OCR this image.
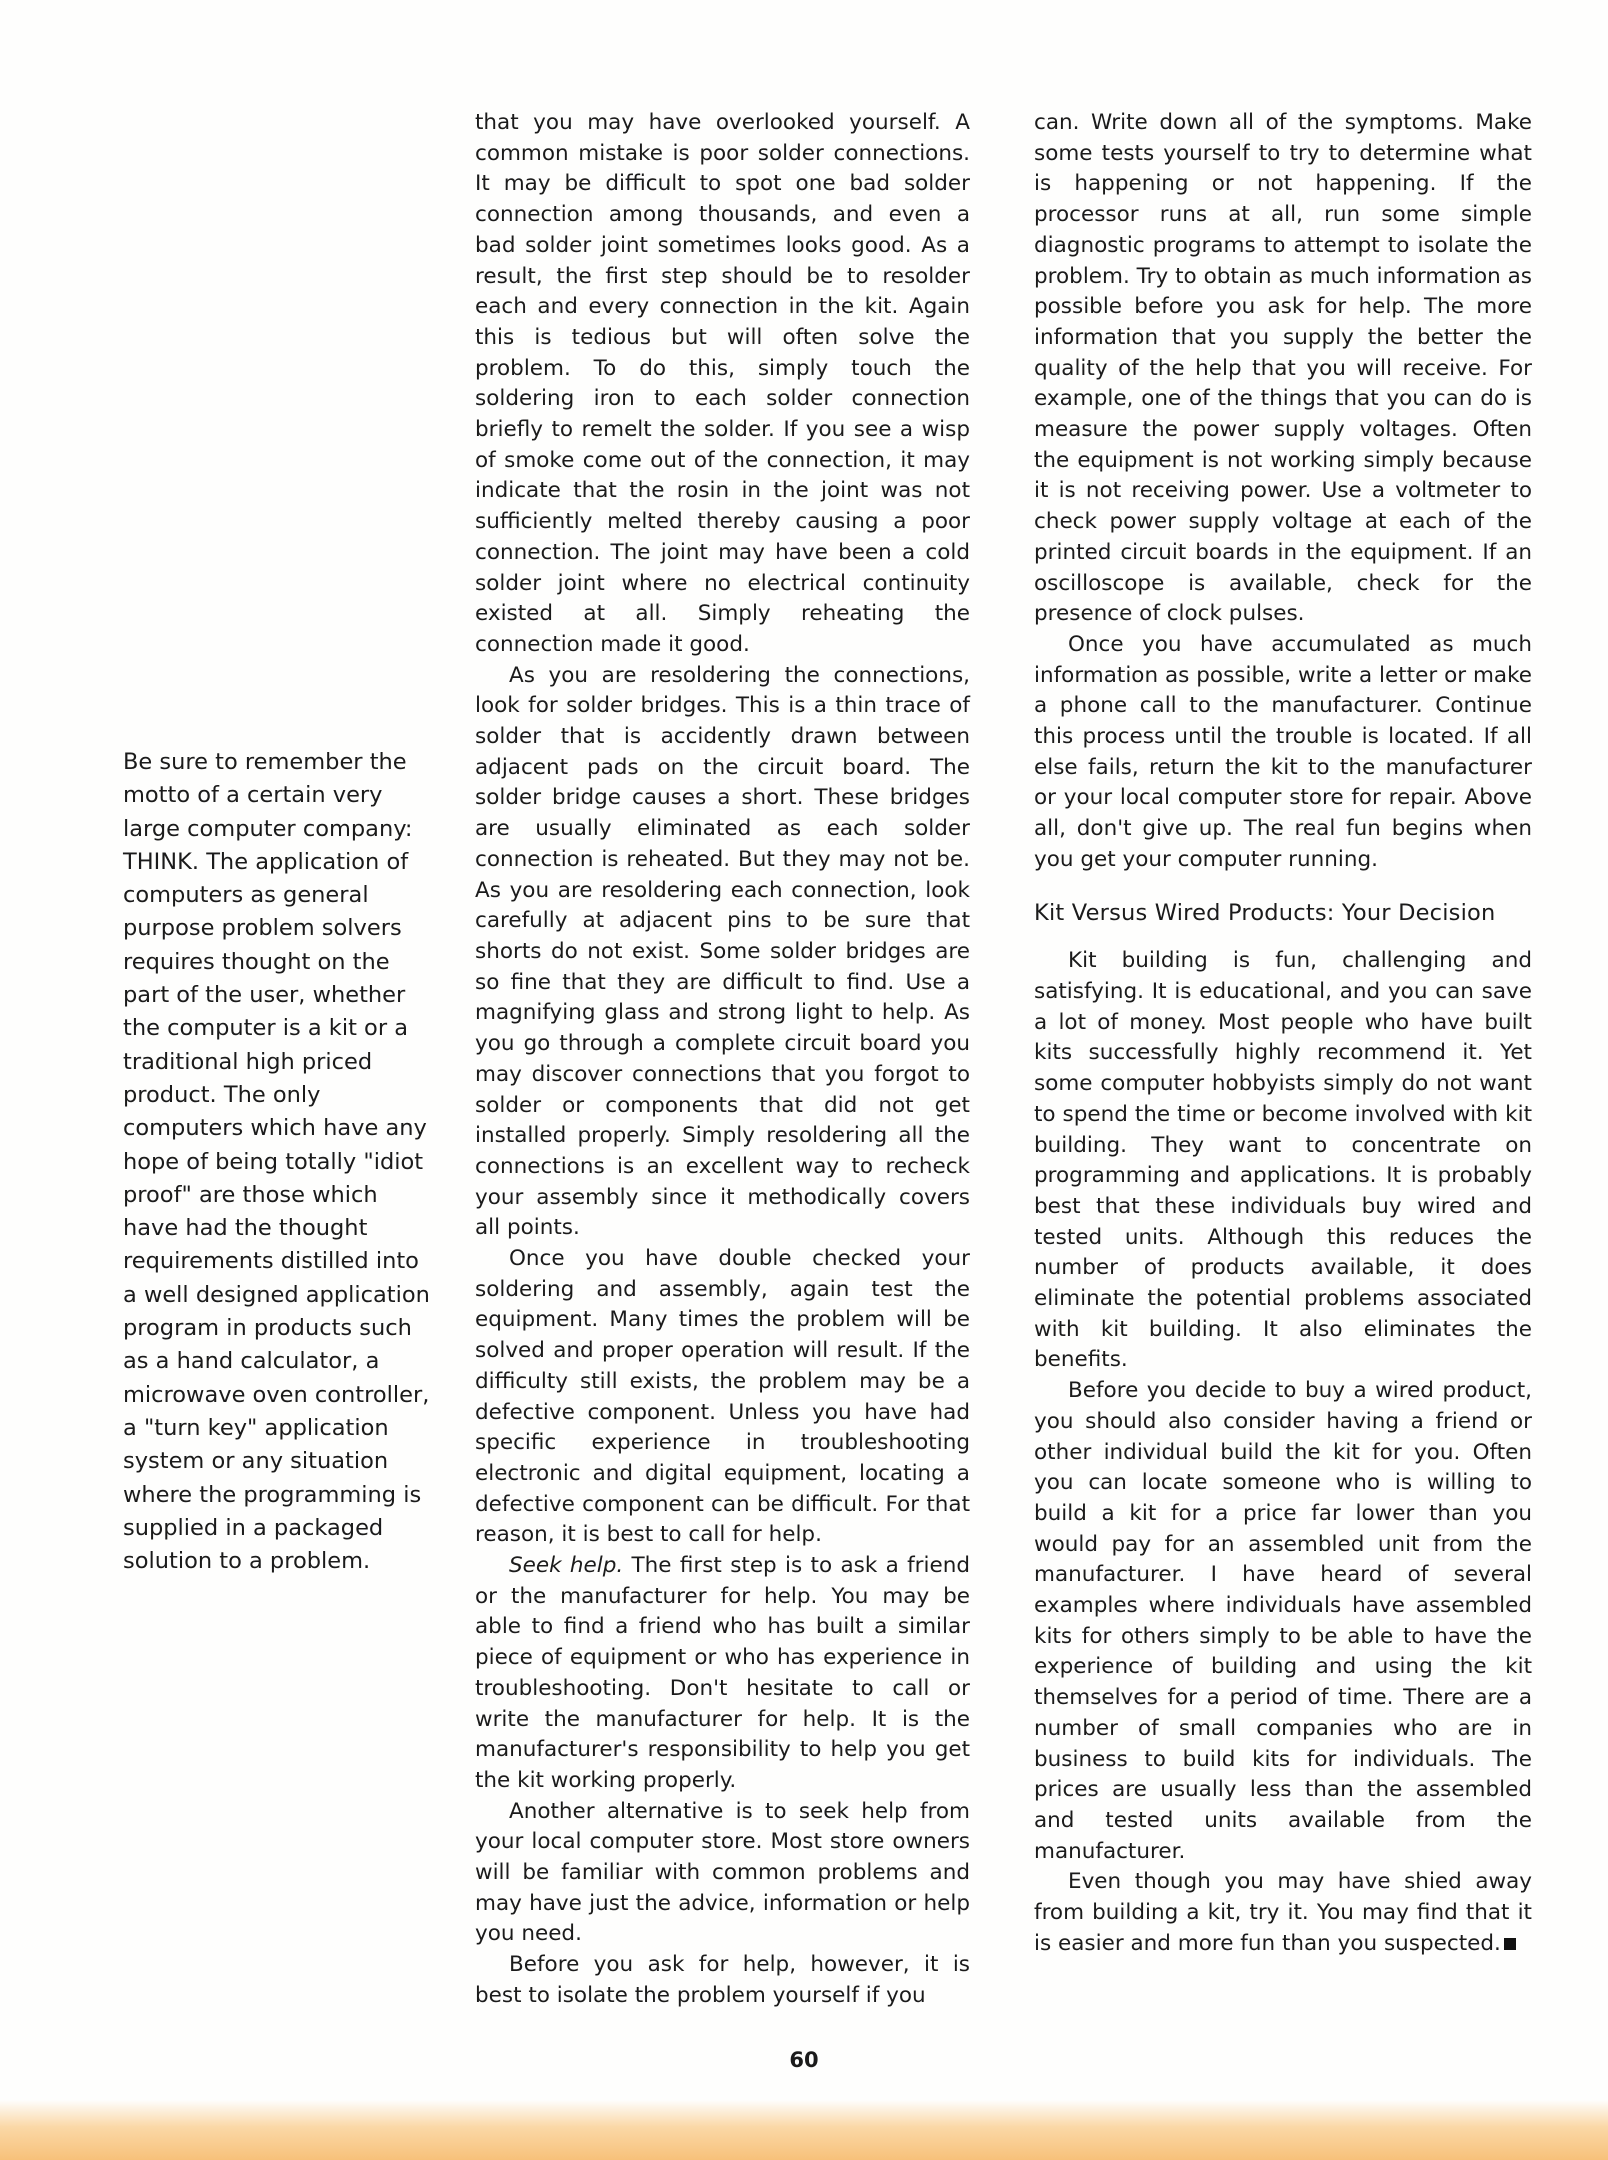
Be sure to remember the motto of a certain very large computer company: THINK. The application of computers as general purpose problem solvers requires thought on the part of the user, whether the computer is a kit or a traditional high priced product. The only computers which have any hope of being totally "idiot proof" are those which have had the thought requirements distilled into a well designed application program in products such as a hand calculator, a microwave oven controller, a "turn key" application system or any situation where the programming is supplied in a packaged solution to a problem.

that you may have overlooked yourself. A common mistake is poor solder connections. It may be difficult to spot one bad solder connection among thousands, and even a bad solder joint sometimes looks good. As a result, the first step should be to resolder each and every connection in the kit. Again this is tedious but will often solve the problem. To do this, simply touch the soldering iron to each solder connection briefly to remelt the solder. If you see a wisp of smoke come out of the connection, it may indicate that the rosin in the joint was not sufficiently melted thereby causing a poor connection. The joint may have been a cold solder joint where no electrical continuity existed at all. Simply reheating the connection made it good.

As you are resoldering the connections, look for solder bridges. This is a thin trace of solder that is accidently drawn between adjacent pads on the circuit board. The solder bridge causes a short. These bridges are usually eliminated as each solder connection is reheated. But they may not be. As you are resoldering each connection, look carefully at adjacent pins to be sure that shorts do not exist. Some solder bridges are so fine that they are difficult to find. Use a magnifying glass and strong light to help. As you go through a complete circuit board you may discover connections that you forgot to solder or components that did not get installed properly. Simply resoldering all the connections is an excellent way to recheck your assembly since it methodically covers all points.

Once you have double checked your soldering and assembly, again test the equipment. Many times the problem will be solved and proper operation will result. If the difficulty still exists, the problem may be a defective component. Unless you have had specific experience in troubleshooting electronic and digital equipment, locating a defective component can be difficult. For that reason, it is best to call for help.

Seek help. The first step is to ask a friend or the manufacturer for help. You may be able to find a friend who has built a similar piece of equipment or who has experience in troubleshooting. Don't hesitate to call or write the manufacturer for help. It is the manufacturer's responsibility to help you get the kit working properly.

Another alternative is to seek help from your local computer store. Most store owners will be familiar with common problems and may have just the advice, information or help you need.

Before you ask for help, however, it is best to isolate the problem yourself if you

can. Write down all of the symptoms. Make some tests yourself to try to determine what is happening or not happening. If the processor runs at all, run some simple diagnostic programs to attempt to isolate the problem. Try to obtain as much information as possible before you ask for help. The more information that you supply the better the quality of the help that you will receive. For example, one of the things that you can do is measure the power supply voltages. Often the equipment is not working simply because it is not receiving power. Use a voltmeter to check power supply voltage at each of the printed circuit boards in the equipment. If an oscilloscope is available, check for the presence of clock pulses.

Once you have accumulated as much information as possible, write a letter or make a phone call to the manufacturer. Continue this process until the trouble is located. If all else fails, return the kit to the manufacturer or your local computer store for repair. Above all, don't give up. The real fun begins when you get your computer running.

Kit Versus Wired Products: Your Decision

Kit building is fun, challenging and satisfying. It is educational, and you can save a lot of money. Most people who have built kits successfully highly recommend it. Yet some computer hobbyists simply do not want to spend the time or become involved with kit building. They want to concentrate on programming and applications. It is probably best that these individuals buy wired and tested units. Although this reduces the number of products available, it does eliminate the potential problems associated with kit building. It also eliminates the benefits.

Before you decide to buy a wired product, you should also consider having a friend or other individual build the kit for you. Often you can locate someone who is willing to build a kit for a price far lower than you would pay for an assembled unit from the manufacturer. I have heard of several examples where individuals have assembled kits for others simply to be able to have the experience of building and using the kit themselves for a period of time. There are a number of small companies who are in business to build kits for individuals. The prices are usually less than the assembled and tested units available from the manufacturer.

Even though you may have shied away from building a kit, try it. You may find that it is easier and more fun than you suspected.

60
